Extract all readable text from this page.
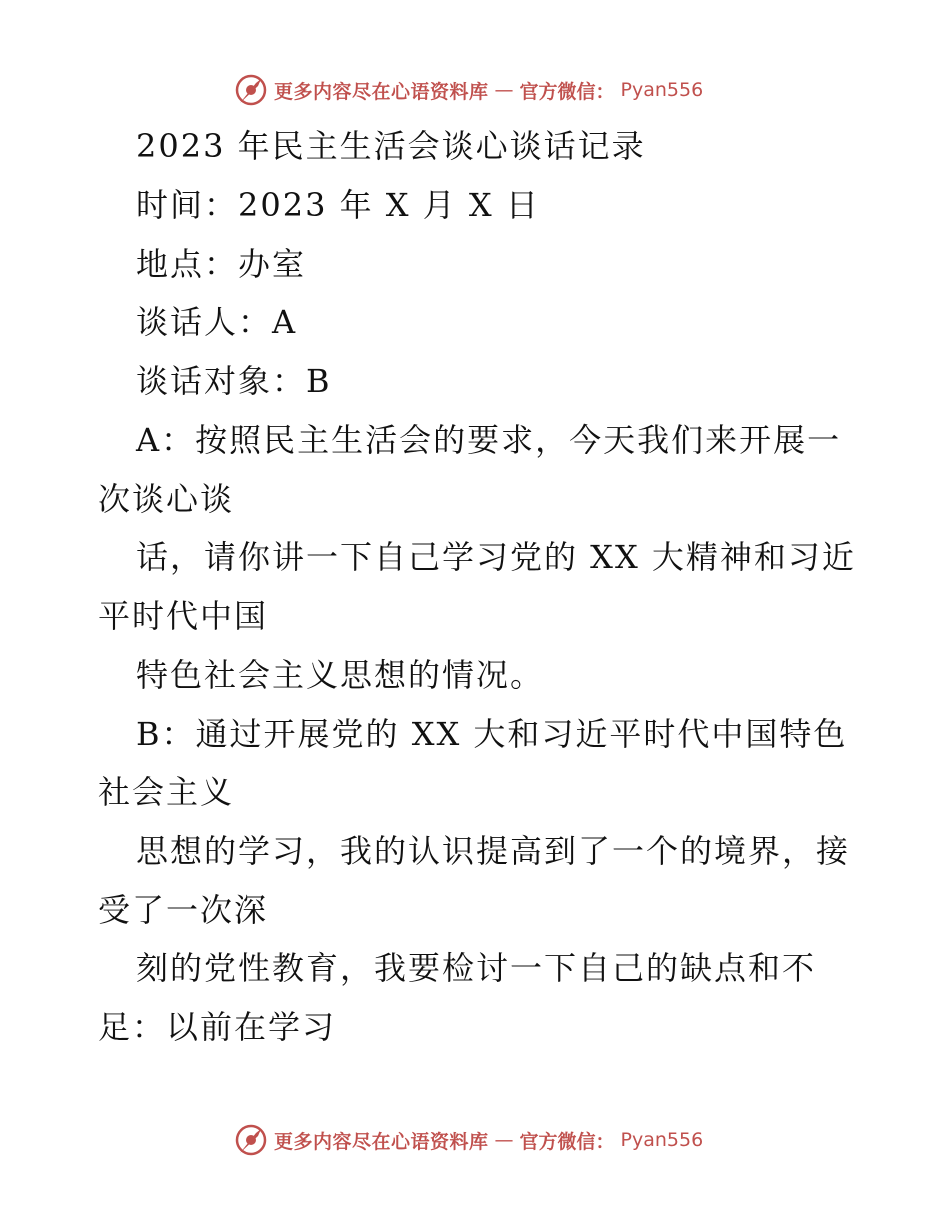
更多内容尽在心语资料库 — 官方微信： Pyan556
2023 年民主生活会谈心谈话记录
时间：2023 年 X 月 X 日
地点：办室
谈话人：A
谈话对象：B
A：按照民主生活会的要求，今天我们来开展一
次谈心谈
话，请你讲一下自己学习党的 XX 大精神和习近
平时代中国
特色社会主义思想的情况。
B：通过开展党的 XX 大和习近平时代中国特色
社会主义
思想的学习，我的认识提高到了一个的境界，接
受了一次深
刻的党性教育，我要检讨一下自己的缺点和不
足：以前在学习
更多内容尽在心语资料库 — 官方微信： Pyan556
